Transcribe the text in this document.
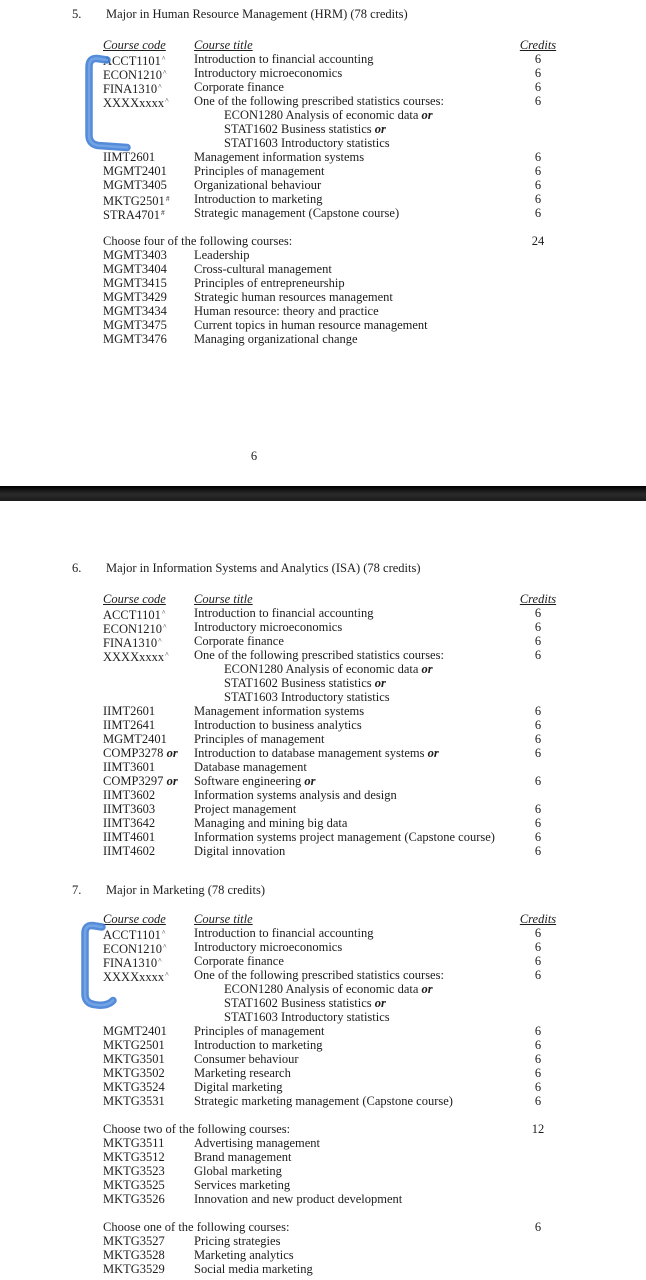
6
5.	Major in Human Resource Management (HRM) (78 credits)
Course code	Course title	Credits
ACCT1101^	Introduction to financial accounting	6
ECON1210^	Introductory microeconomics	6
FINA1310^	Corporate finance	6
XXXXxxxx^	One of the following prescribed statistics courses:	6
ECON1280 Analysis of economic data or
STAT1602 Business statistics or
STAT1603 Introductory statistics
IIMT2601	Management information systems	6
MGMT2401	Principles of management	6
MGMT3405	Organizational behaviour	6
MKTG2501#	Introduction to marketing	6
STRA4701#	Strategic management (Capstone course)	6
Choose four of the following courses:	24
MGMT3403	Leadership
MGMT3404	Cross-cultural management
MGMT3415	Principles of entrepreneurship
MGMT3429	Strategic human resources management
MGMT3434	Human resource: theory and practice
MGMT3475	Current topics in human resource management
MGMT3476	Managing organizational change
6.	Major in Information Systems and Analytics (ISA) (78 credits)
Course code	Course title	Credits
ACCT1101^	Introduction to financial accounting	6
ECON1210^	Introductory microeconomics	6
FINA1310^	Corporate finance	6
XXXXxxxx^	One of the following prescribed statistics courses:	6
ECON1280 Analysis of economic data or
STAT1602 Business statistics or
STAT1603 Introductory statistics
IIMT2601	Management information systems	6
IIMT2641	Introduction to business analytics	6
MGMT2401	Principles of management	6
COMP3278 or	Introduction to database management systems or	6
IIMT3601	Database management
COMP3297 or	Software engineering or	6
IIMT3602	Information systems analysis and design
IIMT3603	Project management	6
IIMT3642	Managing and mining big data	6
IIMT4601	Information systems project management (Capstone course)	6
IIMT4602	Digital innovation	6
7.	Major in Marketing (78 credits)
Course code	Course title	Credits
ACCT1101^	Introduction to financial accounting	6
ECON1210^	Introductory microeconomics	6
FINA1310^	Corporate finance	6
XXXXxxxx^	One of the following prescribed statistics courses:	6
ECON1280 Analysis of economic data or
STAT1602 Business statistics or
STAT1603 Introductory statistics
MGMT2401	Principles of management	6
MKTG2501	Introduction to marketing	6
MKTG3501	Consumer behaviour	6
MKTG3502	Marketing research	6
MKTG3524	Digital marketing	6
MKTG3531	Strategic marketing management (Capstone course)	6
Choose two of the following courses:	12
MKTG3511	Advertising management
MKTG3512	Brand management
MKTG3523	Global marketing
MKTG3525	Services marketing
MKTG3526	Innovation and new product development
Choose one of the following courses:	6
MKTG3527	Pricing strategies
MKTG3528	Marketing analytics
MKTG3529	Social media marketing
